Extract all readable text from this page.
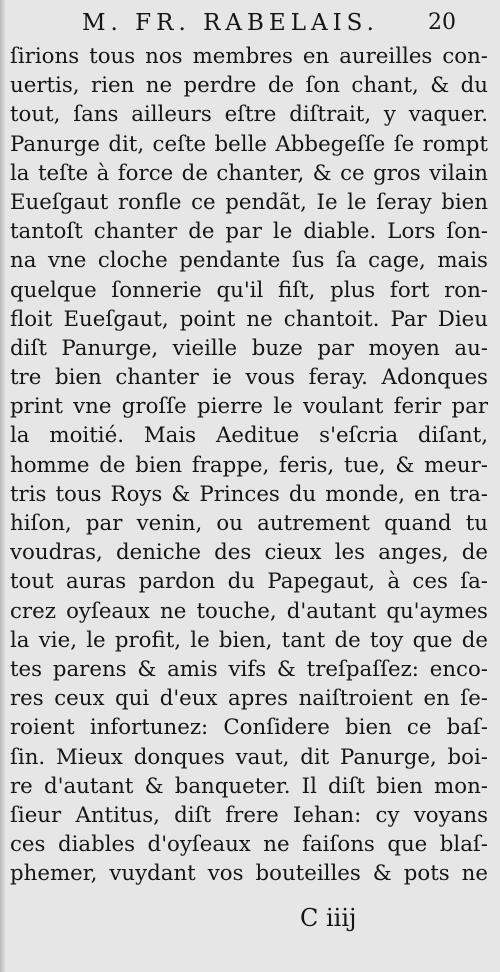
M. FR. RABELAIS. 20
ſirions tous nos membres en aureilles con-
uertis, rien ne perdre de ſon chant, & du
tout, ſans ailleurs eſtre diſtrait, y vaquer.
Panurge dit, ceſte belle Abbegeſſe ſe rompt
la teſte à force de chanter, & ce gros vilain
Eueſgaut ronfle ce pendãt, Ie le ſeray bien
tantoſt chanter de par le diable. Lors ſon-
na vne cloche pendante ſus ſa cage, mais
quelque ſonnerie qu'il fiſt, plus fort ron-
floit Eueſgaut, point ne chantoit. Par Dieu
diſt Panurge, vieille buze par moyen au-
tre bien chanter ie vous feray. Adonques
print vne groſſe pierre le voulant ferir par
la moitié. Mais Aeditue s'eſcria diſant,
homme de bien frappe, feris, tue, & meur-
tris tous Roys & Princes du monde, en tra-
hiſon, par venin, ou autrement quand tu
voudras, deniche des cieux les anges, de
tout auras pardon du Papegaut, à ces ſa-
crez oyſeaux ne touche, d'autant qu'aymes
la vie, le profit, le bien, tant de toy que de
tes parens & amis vifs & treſpaſſez: enco-
res ceux qui d'eux apres naiſtroient en ſe-
roient infortunez: Conſidere bien ce baſ-
ſin. Mieux donques vaut, dit Panurge, boi-
re d'autant & banqueter. Il diſt bien mon-
ſieur Antitus, diſt frere Iehan: cy voyans
ces diables d'oyſeaux ne faiſons que blaſ-
phemer, vuydant vos bouteilles & pots ne
C iiij
